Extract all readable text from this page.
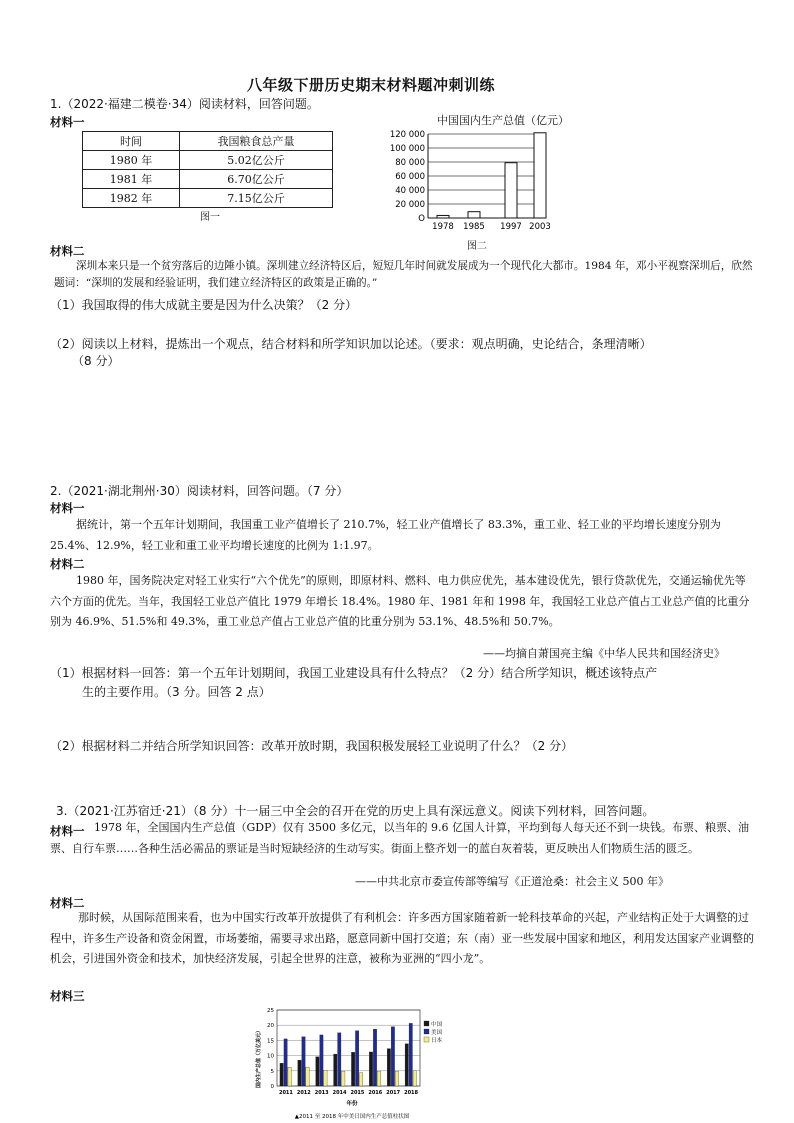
八年级下册历史期末材料题冲刺训练
1.（2022·福建二模卷·34）阅读材料，回答问题。
材料一
时间	我国粮食总产量
1980 年	5.02亿公斤
1981 年	6.70亿公斤
1982 年	7.15亿公斤
图一
中国国内生产总值（亿元）
120 000
100 000
80 000
60 000
40 000
20 000
O
1978 1985 1997 2003
图二
材料二
深圳本来只是一个贫穷落后的边陲小镇。深圳建立经济特区后，短短几年时间就发展成为一个现代化大都市。1984 年，邓小平视察深圳后，欣然题词：“深圳的发展和经验证明，我们建立经济特区的政策是正确的。”
（1）我国取得的伟大成就主要是因为什么决策？（2 分）
（2）阅读以上材料，提炼出一个观点，结合材料和所学知识加以论述。（要求：观点明确，史论结合，条理清晰）
（8 分）
2.（2021·湖北荆州·30）阅读材料，回答问题。（7 分）
材料一
据统计，第一个五年计划期间，我国重工业产值增长了 210.7%，轻工业产值增长了 83.3%，重工业、轻工业的平均增长速度分别为 25.4%、12.9%，轻工业和重工业平均增长速度的比例为 1:1.97。
材料二
1980 年，国务院决定对轻工业实行“六个优先”的原则，即原材料、燃料、电力供应优先，基本建设优先，银行贷款优先，交通运输优先等六个方面的优先。当年，我国轻工业总产值比 1979 年增长 18.4%。1980 年、1981 年和 1998 年，我国轻工业总产值占工业总产值的比重分别为 46.9%、51.5%和 49.3%，重工业总产值占工业总产值的比重分别为 53.1%、48.5%和 50.7%。
——均摘自萧国亮主编《中华人民共和国经济史》
（1）根据材料一回答：第一个五年计划期间，我国工业建设具有什么特点？（2 分）结合所学知识，概述该特点产
生的主要作用。（3 分。回答 2 点）
（2）根据材料二并结合所学知识回答：改革开放时期，我国积极发展轻工业说明了什么？（2 分）
3.（2021·江苏宿迁·21）（8 分）十一届三中全会的召开在党的历史上具有深远意义。阅读下列材料，回答问题。
材料一 1978 年，全国国内生产总值（GDP）仅有 3500 多亿元，以当年的 9.6 亿国人计算，平均到每人每天还不到一块钱。布票、粮票、油票、自行车票……各种生活必需品的票证是当时短缺经济的生动写实。街面上整齐划一的蓝白灰着装，更反映出人们物质生活的匮乏。
——中共北京市委宣传部等编写《正道沧桑：社会主义 500 年》
材料二
那时候，从国际范围来看，也为中国实行改革开放提供了有利机会：许多西方国家随着新一轮科技革命的兴起，产业结构正处于大调整的过程中，许多生产设备和资金闲置，市场萎缩，需要寻求出路，愿意同新中国打交道；东（南）亚一些发展中国家和地区，利用发达国家产业调整的机会，引进国外资金和技术，加快经济发展，引起全世界的注意，被称为亚洲的“四小龙”。
材料三
25
20
15
10
5
0
2011 2012 2013 2014 2015 2016 2017 2018
中国
美国
日本
国内生产总值（万亿美元）
年份
▲2011 至 2018 年中美日国内生产总值柱状图
